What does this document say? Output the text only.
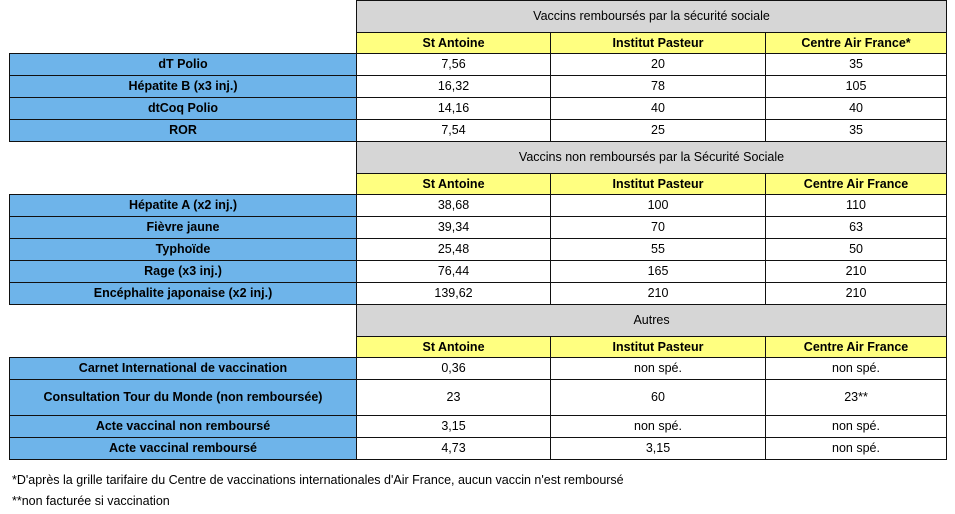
	Vaccins remboursés par la sécurité sociale		
	St Antoine	Institut Pasteur	Centre Air France*
dT Polio	7,56	20	35
Hépatite B (x3 inj.)	16,32	78	105
dtCoq Polio	14,16	40	40
ROR	7,54	25	35
	Vaccins non remboursés par la Sécurité Sociale		
	St Antoine	Institut Pasteur	Centre Air France
Hépatite A (x2 inj.)	38,68	100	110
Fièvre jaune	39,34	70	63
Typhoïde	25,48	55	50
Rage (x3 inj.)	76,44	165	210
Encéphalite japonaise (x2 inj.)	139,62	210	210
	Autres		
	St Antoine	Institut Pasteur	Centre Air France
Carnet International de vaccination	0,36	non spé.	non spé.
Consultation Tour du Monde (non remboursée)	23	60	23**
Acte vaccinal non remboursé	3,15	non spé.	non spé.
Acte vaccinal remboursé	4,73	3,15	non spé.
*D'après la grille tarifaire du Centre de vaccinations internationales d'Air France, aucun vaccin n'est remboursé
**non facturée si vaccination
